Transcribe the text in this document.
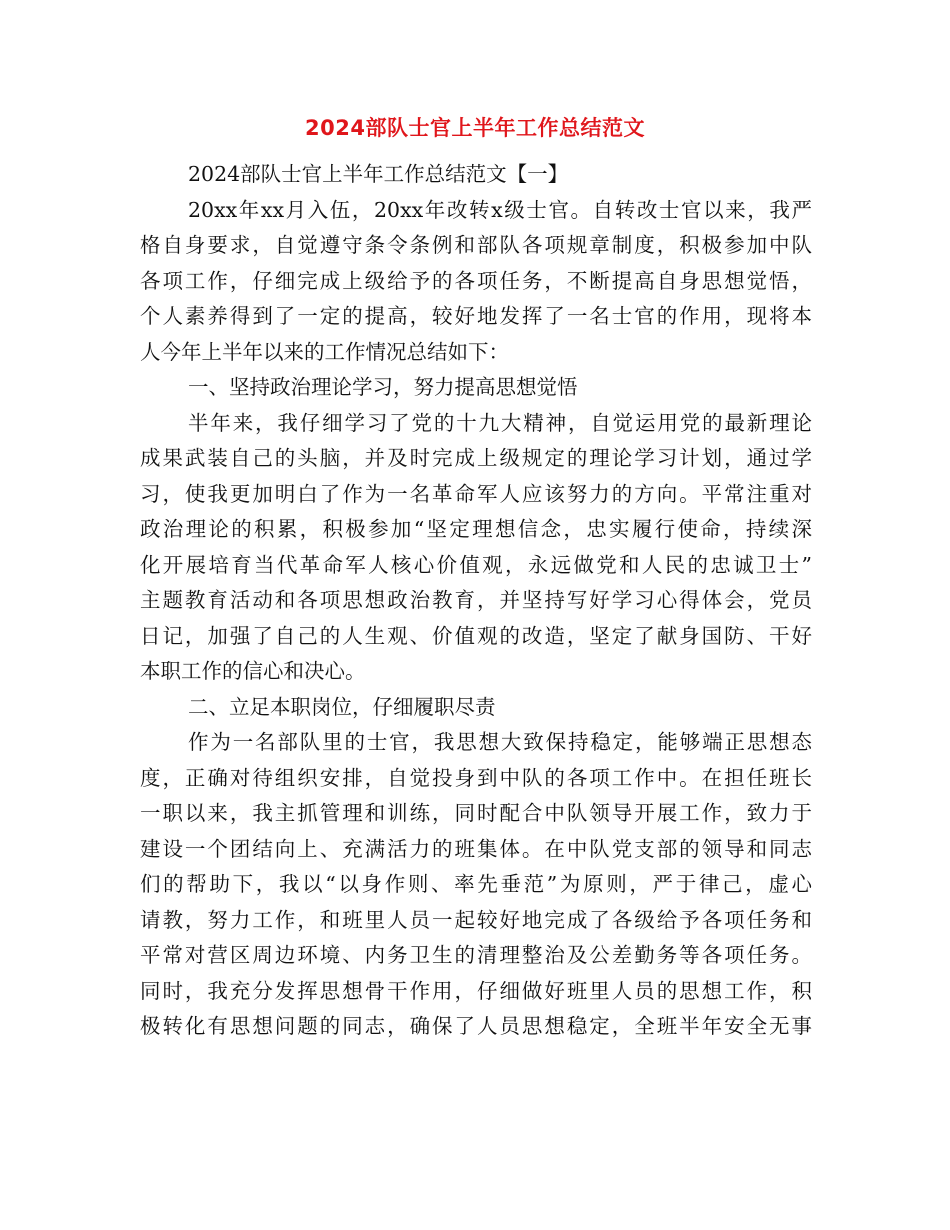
2024部队士官上半年工作总结范文
2024部队士官上半年工作总结范文【一】
20xx年xx月入伍，20xx年改转x级士官。自转改士官以来，我严
格自身要求，自觉遵守条令条例和部队各项规章制度，积极参加中队
各项工作，仔细完成上级给予的各项任务，不断提高自身思想觉悟，
个人素养得到了一定的提高，较好地发挥了一名士官的作用，现将本
人今年上半年以来的工作情况总结如下：
一、坚持政治理论学习，努力提高思想觉悟
半年来，我仔细学习了党的十九大精神，自觉运用党的最新理论
成果武装自己的头脑，并及时完成上级规定的理论学习计划，通过学
习，使我更加明白了作为一名革命军人应该努力的方向。平常注重对
政治理论的积累，积极参加“坚定理想信念，忠实履行使命，持续深
化开展培育当代革命军人核心价值观，永远做党和人民的忠诚卫士”
主题教育活动和各项思想政治教育，并坚持写好学习心得体会，党员
日记，加强了自己的人生观、价值观的改造，坚定了献身国防、干好
本职工作的信心和决心。
二、立足本职岗位，仔细履职尽责
作为一名部队里的士官，我思想大致保持稳定，能够端正思想态
度，正确对待组织安排，自觉投身到中队的各项工作中。在担任班长
一职以来，我主抓管理和训练，同时配合中队领导开展工作，致力于
建设一个团结向上、充满活力的班集体。在中队党支部的领导和同志
们的帮助下，我以“以身作则、率先垂范”为原则，严于律己，虚心
请教，努力工作，和班里人员一起较好地完成了各级给予各项任务和
平常对营区周边环境、内务卫生的清理整治及公差勤务等各项任务。
同时，我充分发挥思想骨干作用，仔细做好班里人员的思想工作，积
极转化有思想问题的同志，确保了人员思想稳定，全班半年安全无事
